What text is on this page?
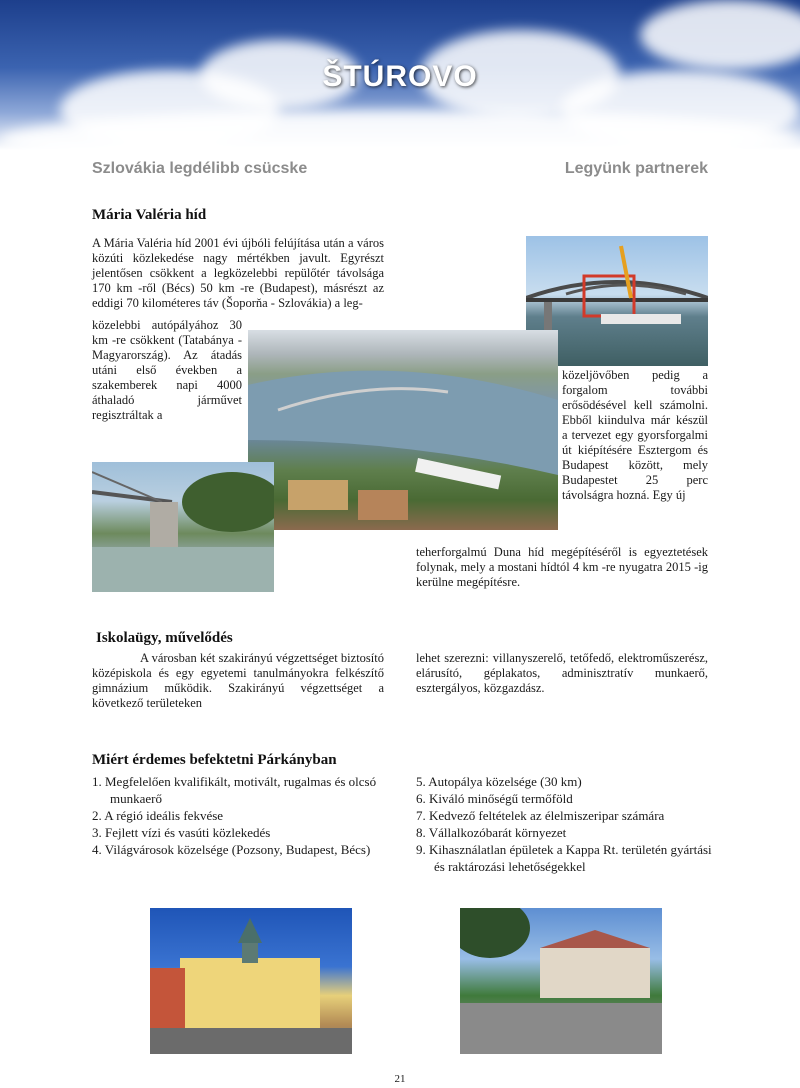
ŠTÚROVO
Szlovákia legdélibb csücske	Legyünk partnerek
Mária Valéria híd
A Mária Valéria híd 2001 évi újbóli felújítása után a város közúti közlekedése nagy mértékben javult. Egyrészt jelentősen csökkent a legközelebbi repülőtér távolsága 170 km -ről (Bécs) 50 km -re (Budapest), másrészt az eddigi 70 kilométeres táv (Šoporňa - Szlovákia) a leg-
közelebbi autópályához 30 km -re csökkent (Tatabánya - Magyarország). Az átadás utáni első években a szakemberek napi 4000 áthaladó járművet regisztráltak a
közeljövőben pedig a forgalom további erősödésével kell számolni. Ebből kiindulva már készül a tervezet egy gyorsforgalmi út kiépítésére Esztergom és Budapest között, mely Budapestet 25 perc távolságra hozná. Egy új
teherforgalmú Duna híd megépítéséről is egyeztetések folynak, mely a mostani hídtól 4 km -re nyugatra 2015 -ig kerülne megépítésre.
Iskolaügy, művelődés
A városban két szakirányú végzettséget biztosító középiskola és egy egyetemi tanulmányokra felkészítő gimnázium működik. Szakirányú végzettséget a következő területeken
lehet szerezni: villanyszerelő, tetőfedő, elektroműszerész, elárusító, géplakatos, adminisztratív munkaerő, esztergályos, közgazdász.
Miért érdemes befektetni Párkányban
1. Megfelelően kvalifikált, motivált, rugalmas és olcsó munkaerő
2. A régió ideális fekvése
3. Fejlett vízi és vasúti közlekedés
4. Világvárosok közelsége (Pozsony, Budapest, Bécs)
5. Autopálya közelsége (30 km)
6. Kiváló minőségű termőföld
7. Kedvező feltételek az élelmiszeripar számára
8. Vállalkozóbarát környezet
9. Kihasználatlan épületek a Kappa Rt. területén gyártási és raktározási lehetőségekkel
21
